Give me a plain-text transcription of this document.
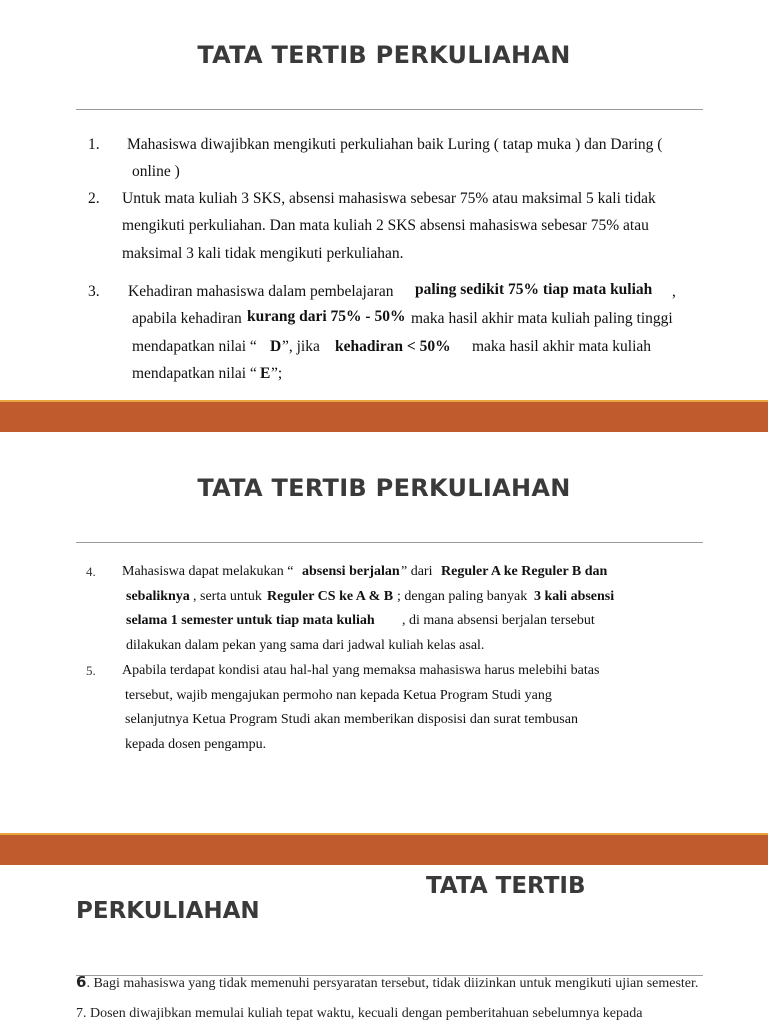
TATA TERTIB PERKULIAHAN
1. Mahasiswa diwajibkan mengikuti perkuliahan baik Luring ( tatap muka ) dan Daring (
online )
2. Untuk mata kuliah 3 SKS, absensi mahasiswa sebesar 75% atau maksimal 5 kali tidak
mengikuti perkuliahan. Dan mata kuliah 2 SKS absensi mahasiswa sebesar 75% atau
maksimal 3 kali tidak mengikuti perkuliahan.
3. Kehadiran mahasiswa dalam pembelajaran paling sedikit 75% tiap mata kuliah ,
apabila kehadiran kurang dari 75% - 50% maka hasil akhir mata kuliah paling tinggi
mendapatkan nilai “ D ”, jika kehadiran < 50% maka hasil akhir mata kuliah
mendapatkan nilai “ E ”;
TATA TERTIB PERKULIAHAN
4. Mahasiswa dapat melakukan “ absensi berjalan ” dari Reguler A ke Reguler B dan
sebaliknya , serta untuk Reguler CS ke A & B ; dengan paling banyak 3 kali absensi
selama 1 semester untuk tiap mata kuliah , di mana absensi berjalan tersebut
dilakukan dalam pekan yang sama dari jadwal kuliah kelas asal.
5. Apabila terdapat kondisi atau hal-hal yang memaksa mahasiswa harus melebihi batas
tersebut, wajib mengajukan permoho nan kepada Ketua Program Studi yang
selanjutnya Ketua Program Studi akan memberikan disposisi dan surat tembusan
kepada dosen pengampu.
TATA TERTIB
PERKULIAHAN
6. Bagi mahasiswa yang tidak memenuhi persyaratan tersebut, tidak diizinkan untuk mengikuti ujian semester.
7. Dosen diwajibkan memulai kuliah tepat waktu, kecuali dengan pemberitahuan sebelumnya kepada
